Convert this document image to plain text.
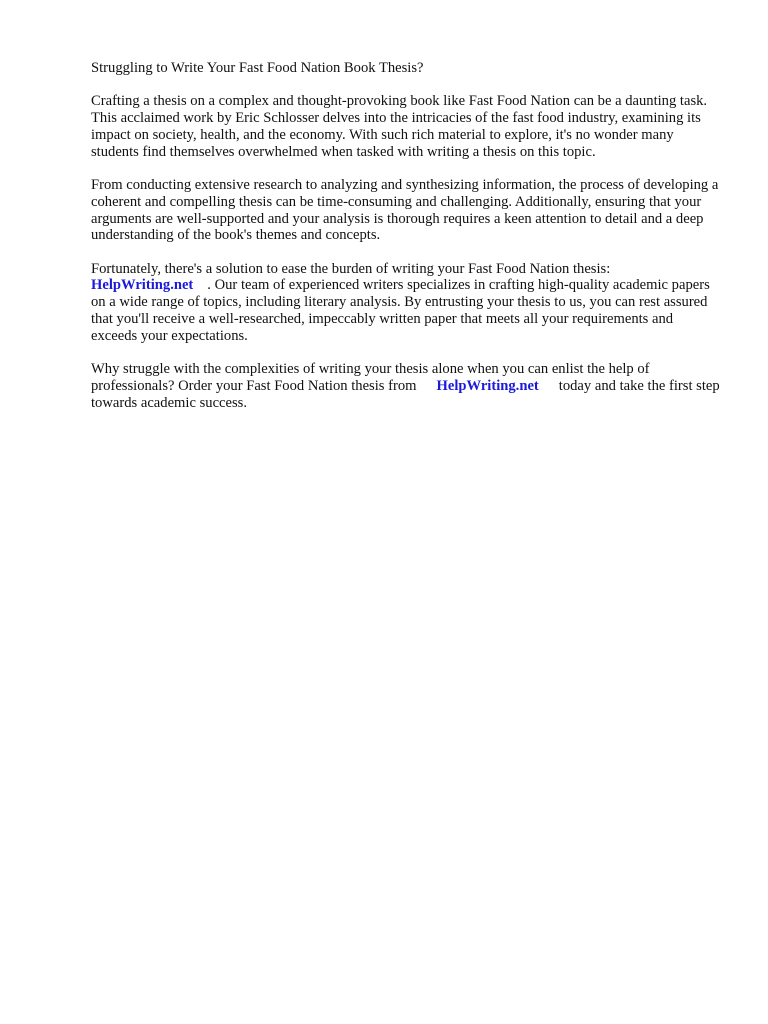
Struggling to Write Your Fast Food Nation Book Thesis?

Crafting a thesis on a complex and thought-provoking book like Fast Food Nation can be a daunting task. This acclaimed work by Eric Schlosser delves into the intricacies of the fast food industry, examining its impact on society, health, and the economy. With such rich material to explore, it's no wonder many students find themselves overwhelmed when tasked with writing a thesis on this topic.

From conducting extensive research to analyzing and synthesizing information, the process of developing a coherent and compelling thesis can be time-consuming and challenging. Additionally, ensuring that your arguments are well-supported and your analysis is thorough requires a keen attention to detail and a deep understanding of the book's themes and concepts.

Fortunately, there's a solution to ease the burden of writing your Fast Food Nation thesis:
HelpWriting.net . Our team of experienced writers specializes in crafting high-quality academic papers on a wide range of topics, including literary analysis. By entrusting your thesis to us, you can rest assured that you'll receive a well-researched, impeccably written paper that meets all your requirements and exceeds your expectations.

Why struggle with the complexities of writing your thesis alone when you can enlist the help of professionals? Order your Fast Food Nation thesis from HelpWriting.net today and take the first step towards academic success.
